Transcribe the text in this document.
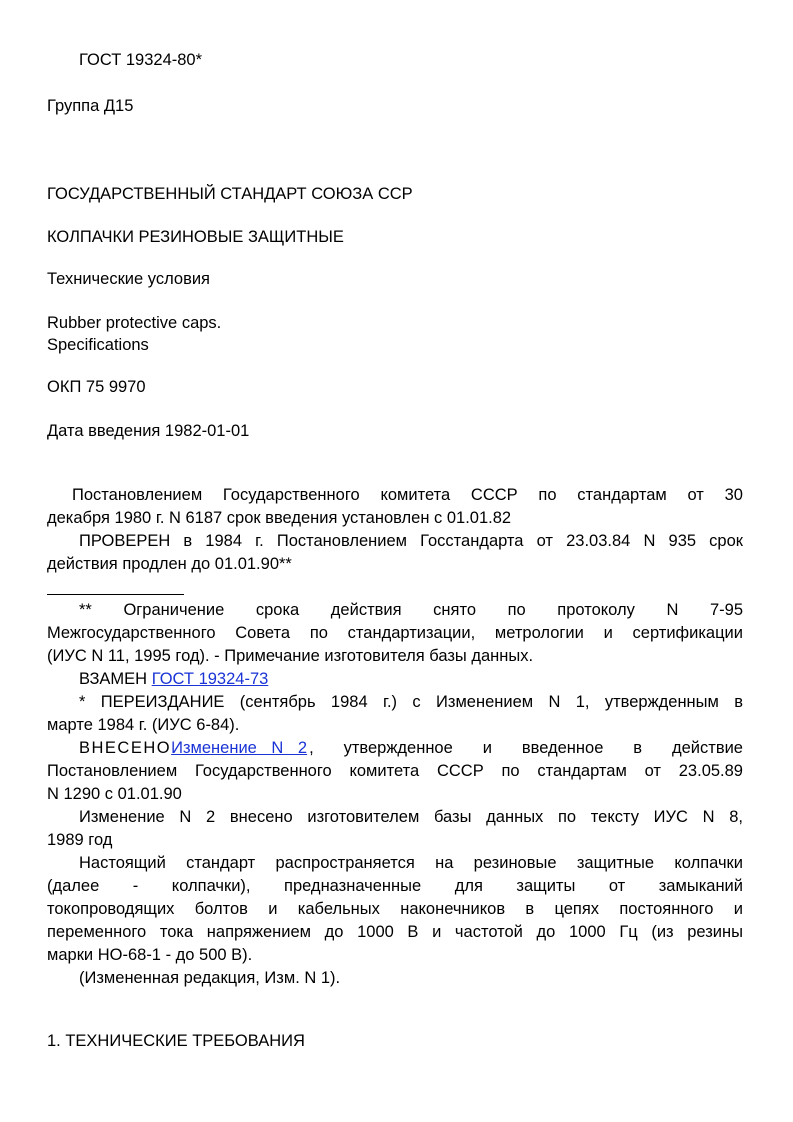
ГОСТ 19324-80*
Группа Д15
ГОСУДАРСТВЕННЫЙ СТАНДАРТ СОЮЗА ССР
КОЛПАЧКИ РЕЗИНОВЫЕ ЗАЩИТНЫЕ
Технические условия
Rubber protective caps.
Specifications
ОКП 75 9970
Дата введения 1982-01-01
Постановлением Государственного комитета СССР по стандартам от 30
декабря 1980 г. N 6187 срок введения установлен с 01.01.82
ПРОВЕРЕН в 1984 г. Постановлением Госстандарта от 23.03.84 N 935 срок
действия продлен до 01.01.90**
** Ограничение срока действия снято по протоколу N 7-95
Межгосударственного Совета по стандартизации, метрологии и сертификации
(ИУС N 11, 1995 год). - Примечание изготовителя базы данных.
ВЗАМЕН ГОСТ 19324-73
* ПЕРЕИЗДАНИЕ (сентябрь 1984 г.) с Изменением N 1, утвержденным в
марте 1984 г. (ИУС 6-84).
ВНЕСЕНО Изменение N 2 , утвержденное и введенное в действие
Постановлением Государственного комитета СССР по стандартам от 23.05.89
N 1290 с 01.01.90
Изменение N 2 внесено изготовителем базы данных по тексту ИУС N 8,
1989 год
Настоящий стандарт распространяется на резиновые защитные колпачки
(далее - колпачки), предназначенные для защиты от замыканий
токопроводящих болтов и кабельных наконечников в цепях постоянного и
переменного тока напряжением до 1000 В и частотой до 1000 Гц (из резины
марки НО-68-1 - до 500 В).
(Измененная редакция, Изм. N 1).
1. ТЕХНИЧЕСКИЕ ТРЕБОВАНИЯ
